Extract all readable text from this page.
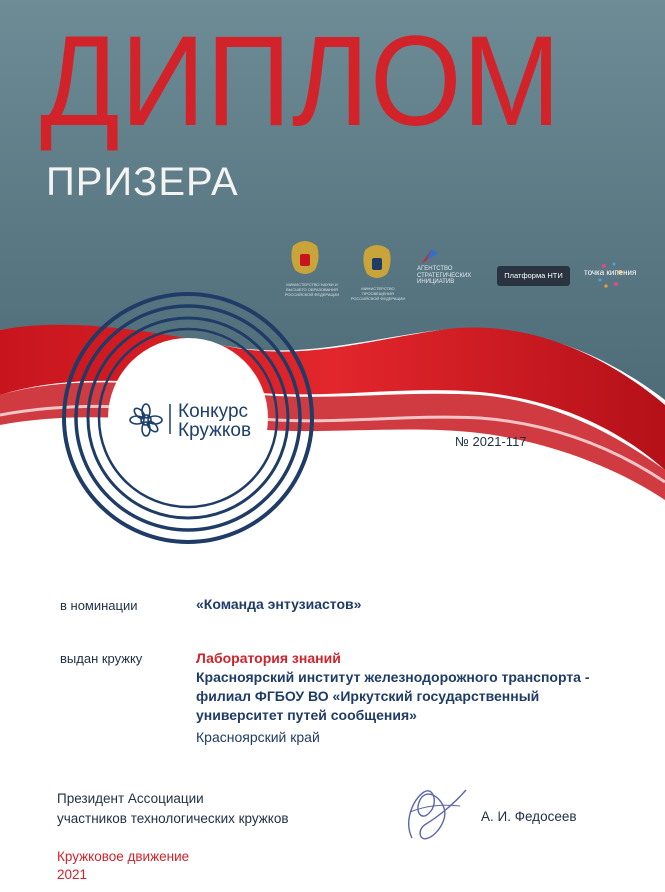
ДИПЛОМ
ПРИЗЕРА
МИНИСТЕРСТВО НАУКИ И ВЫСШЕГО ОБРАЗОВАНИЯ РОССИЙСКОЙ ФЕДЕРАЦИИ
МИНИСТЕРСТВО ПРОСВЕЩЕНИЯ РОССИЙСКОЙ ФЕДЕРАЦИИ
АГЕНТСТВО
СТРАТЕГИЧЕСКИХ
ИНИЦИАТИВ
Платформа НТИ	точка кипения
Конкурс
Кружков
№ 2021-117
в номинации	«Команда энтузиастов»
выдан кружку	Лаборатория знаний
Красноярский институт железнодорожного транспорта - филиал ФГБОУ ВО «Иркутский государственный университет путей сообщения»
Красноярский край
Президент Ассоциации
участников технологических кружков	А. И. Федосеев
Кружковое движение
2021
